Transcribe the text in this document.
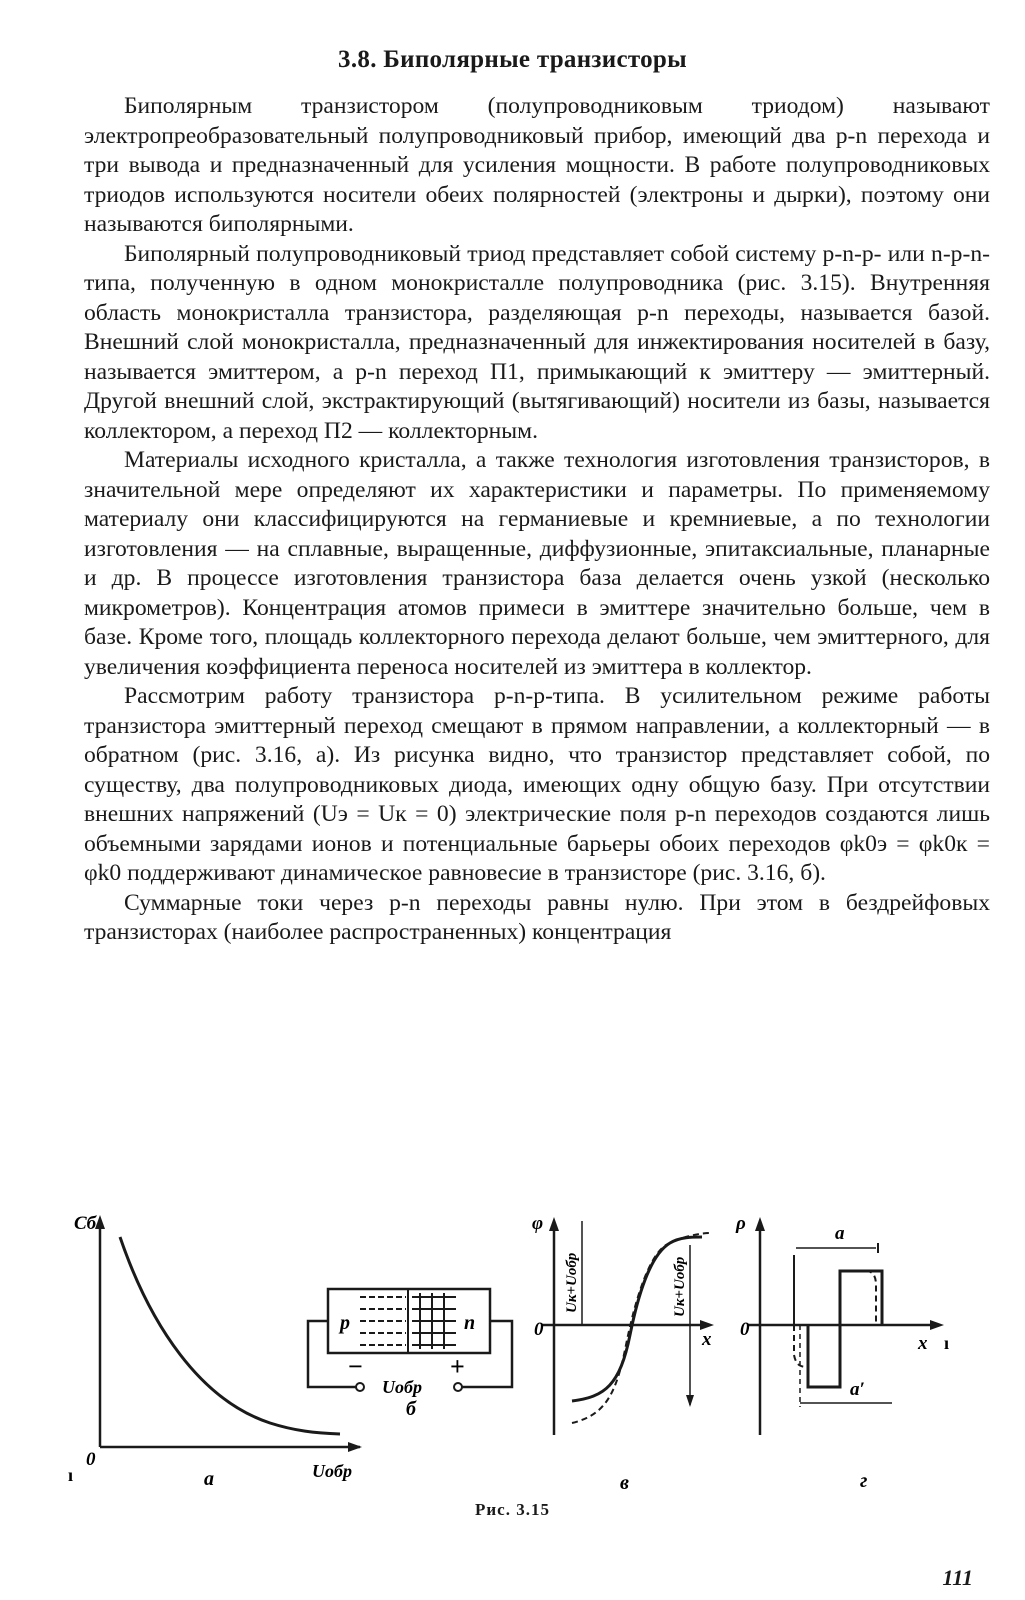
3.8. Биполярные транзисторы

Биполярным транзистором (полупроводниковым триодом) называют электропреобразовательный полупроводниковый прибор, имеющий два p-n перехода и три вывода и предназначенный для усиления мощности. В работе полупроводниковых триодов используются носители обеих полярностей (электроны и дырки), поэтому они называются биполярными.

Биполярный полупроводниковый триод представляет собой систему p-n-p- или n-p-n-типа, полученную в одном монокристалле полупроводника (рис. 3.15). Внутренняя область монокристалла транзистора, разделяющая p-n переходы, называется базой. Внешний слой монокристалла, предназначенный для инжектирования носителей в базу, называется эмиттером, а p-n переход П1, примыкающий к эмиттеру — эмиттерный. Другой внешний слой, экстрактирующий (вытягивающий) носители из базы, называется коллектором, а переход П2 — коллекторным.

Материалы исходного кристалла, а также технология изготовления транзисторов, в значительной мере определяют их характеристики и параметры. По применяемому материалу они классифицируются на германиевые и кремниевые, а по технологии изготовления — на сплавные, выращенные, диффузионные, эпитаксиальные, планарные и др. В процессе изготовления транзистора база делается очень узкой (несколько микрометров). Концентрация атомов примеси в эмиттере значительно больше, чем в базе. Кроме того, площадь коллекторного перехода делают больше, чем эмиттерного, для увеличения коэффициента переноса носителей из эмиттера в коллектор.

Рассмотрим работу транзистора p-n-p-типа. В усилительном режиме работы транзистора эмиттерный переход смещают в прямом направлении, а коллекторный — в обратном (рис. 3.16, а). Из рисунка видно, что транзистор представляет собой, по существу, два полупроводниковых диода, имеющих одну общую базу. При отсутствии внешних напряжений (Uэ = Uк = 0) электрические поля p-n переходов создаются лишь объемными зарядами ионов и потенциальные барьеры обоих переходов φk0э = φk0к = φk0 поддерживают динамическое равновесие в транзисторе (рис. 3.16, б).

Суммарные токи через p-n переходы равны нулю. При этом в бездрейфовых транзисторах (наиболее распространенных) концентрация

Cб
0
Uобр
а
ı
p	n
−	+
Uобр
б
φ
0	x
Uк+Uобр	Uк+Uобр
в
ρ
0
x
a
a′
г
ı
Рис. 3.15
111
